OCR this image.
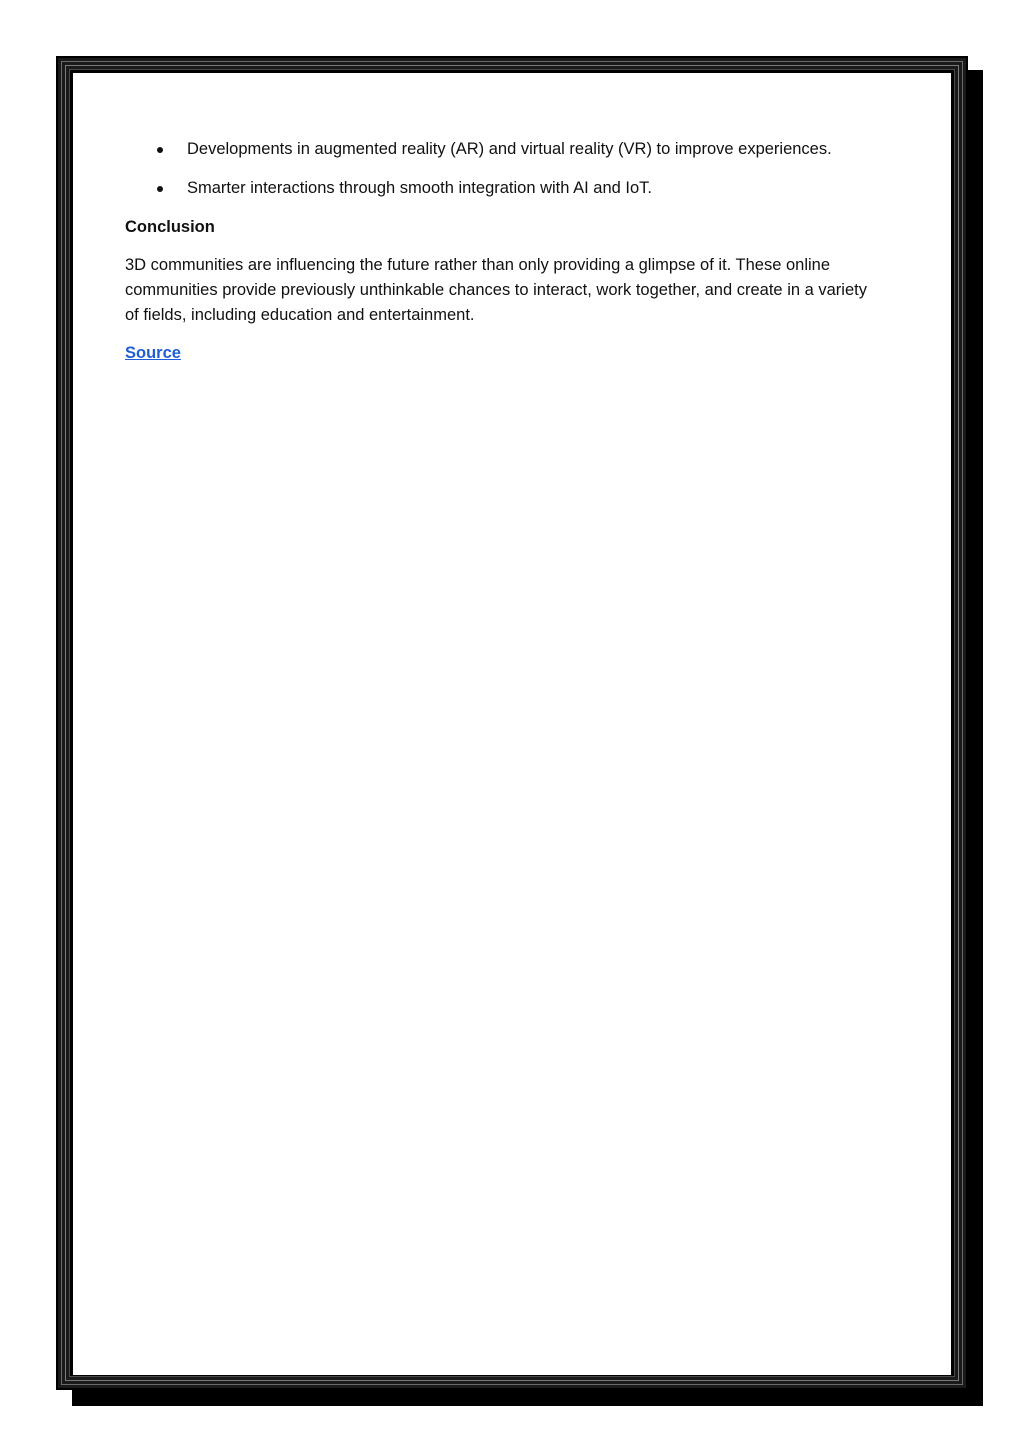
Developments in augmented reality (AR) and virtual reality (VR) to improve experiences.
Smarter interactions through smooth integration with AI and IoT.

Conclusion

3D communities are influencing the future rather than only providing a glimpse of it. These online communities provide previously unthinkable chances to interact, work together, and create in a variety of fields, including education and entertainment.

Source
